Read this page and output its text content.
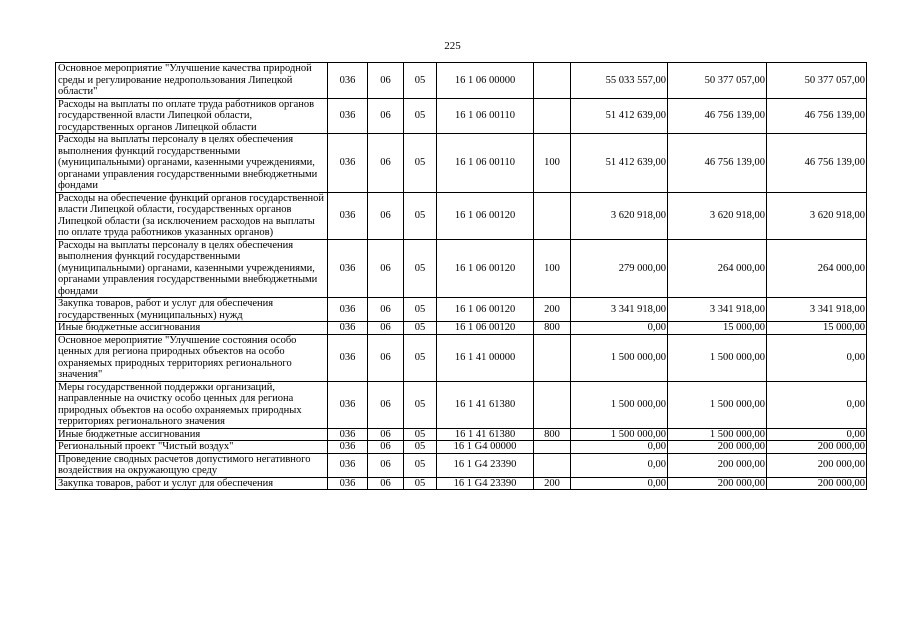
225
Основное мероприятие "Улучшение качества природной среды и регулирование недропользования Липецкой области"	036	06	05	16 1 06 00000		55 033 557,00	50 377 057,00	50 377 057,00
Расходы на выплаты по оплате труда работников органов государственной власти Липецкой области, государственных органов Липецкой области	036	06	05	16 1 06 00110		51 412 639,00	46 756 139,00	46 756 139,00
Расходы на выплаты персоналу в целях обеспечения выполнения функций государственными (муниципальными) органами, казенными учреждениями, органами управления государственными внебюджетными фондами	036	06	05	16 1 06 00110	100	51 412 639,00	46 756 139,00	46 756 139,00
Расходы на обеспечение функций органов государственной власти Липецкой области, государственных органов Липецкой области (за исключением расходов на выплаты по оплате труда работников указанных органов)	036	06	05	16 1 06 00120		3 620 918,00	3 620 918,00	3 620 918,00
Расходы на выплаты персоналу в целях обеспечения выполнения функций государственными (муниципальными) органами, казенными учреждениями, органами управления государственными внебюджетными фондами	036	06	05	16 1 06 00120	100	279 000,00	264 000,00	264 000,00
Закупка товаров, работ и услуг для обеспечения государственных (муниципальных) нужд	036	06	05	16 1 06 00120	200	3 341 918,00	3 341 918,00	3 341 918,00
Иные бюджетные ассигнования	036	06	05	16 1 06 00120	800	0,00	15 000,00	15 000,00
Основное мероприятие "Улучшение состояния особо ценных для региона природных объектов на особо охраняемых природных территориях регионального значения"	036	06	05	16 1 41 00000		1 500 000,00	1 500 000,00	0,00
Меры государственной поддержки организаций, направленные на очистку особо ценных для региона природных объектов на особо охраняемых природных территориях регионального значения	036	06	05	16 1 41 61380		1 500 000,00	1 500 000,00	0,00
Иные бюджетные ассигнования	036	06	05	16 1 41 61380	800	1 500 000,00	1 500 000,00	0,00
Региональный проект "Чистый воздух"	036	06	05	16 1 G4 00000		0,00	200 000,00	200 000,00
Проведение сводных расчетов допустимого негативного воздействия на окружающую среду	036	06	05	16 1 G4 23390		0,00	200 000,00	200 000,00
Закупка товаров, работ и услуг для обеспечения	036	06	05	16 1 G4 23390	200	0,00	200 000,00	200 000,00
